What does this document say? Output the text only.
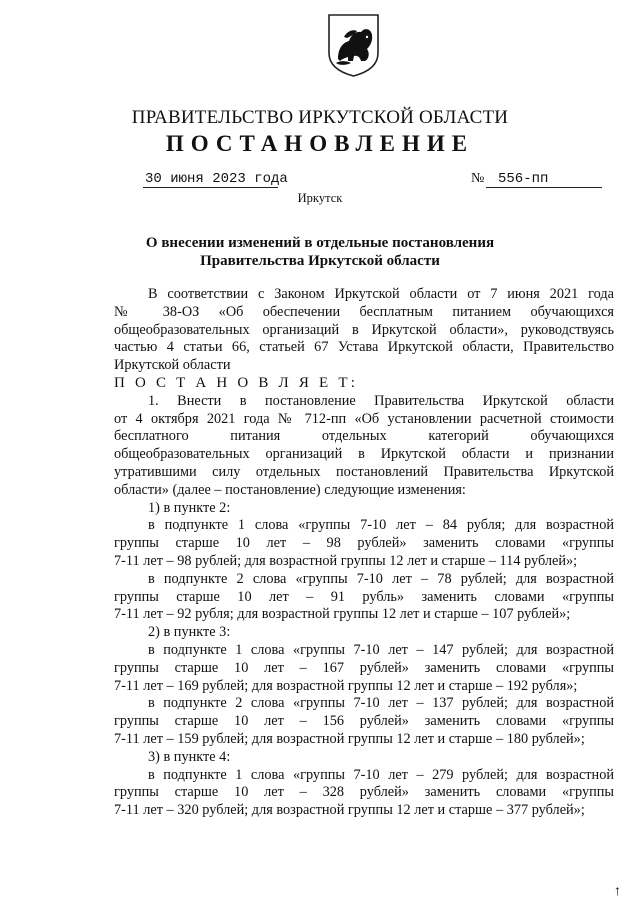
ПРАВИТЕЛЬСТВО ИРКУТСКОЙ ОБЛАСТИ
ПОСТАНОВЛЕНИЕ
30 июня 2023 года	№ 556-пп
Иркутск
О внесении изменений в отдельные постановления
Правительства Иркутской области
В соответствии с Законом Иркутской области от 7 июня 2021 года
№ 38-ОЗ «Об обеспечении бесплатным питанием обучающихся
общеобразовательных организаций в Иркутской области», руководствуясь
частью 4 статьи 66, статьей 67 Устава Иркутской области, Правительство
Иркутской области
П О С Т А Н О В Л Я Е Т:
1. Внести в постановление Правительства Иркутской области
от 4 октября 2021 года № 712-пп «Об установлении расчетной стоимости
бесплатного питания отдельных категорий обучающихся
общеобразовательных организаций в Иркутской области и признании
утратившими силу отдельных постановлений Правительства Иркутской
области» (далее – постановление) следующие изменения:
1) в пункте 2:
в подпункте 1 слова «группы 7-10 лет – 84 рубля; для возрастной
группы старше 10 лет – 98 рублей» заменить словами «группы
7-11 лет – 98 рублей; для возрастной группы 12 лет и старше – 114 рублей»;
в подпункте 2 слова «группы 7-10 лет – 78 рублей; для возрастной
группы старше 10 лет – 91 рубль» заменить словами «группы
7-11 лет – 92 рубля; для возрастной группы 12 лет и старше – 107 рублей»;
2) в пункте 3:
в подпункте 1 слова «группы 7-10 лет – 147 рублей; для возрастной
группы старше 10 лет – 167 рублей» заменить словами «группы
7-11 лет – 169 рублей; для возрастной группы 12 лет и старше – 192 рубля»;
в подпункте 2 слова «группы 7-10 лет – 137 рублей; для возрастной
группы старше 10 лет – 156 рублей» заменить словами «группы
7-11 лет – 159 рублей; для возрастной группы 12 лет и старше – 180 рублей»;
3) в пункте 4:
в подпункте 1 слова «группы 7-10 лет – 279 рублей; для возрастной
группы старше 10 лет – 328 рублей» заменить словами «группы
7-11 лет – 320 рублей; для возрастной группы 12 лет и старше – 377 рублей»;
↑
